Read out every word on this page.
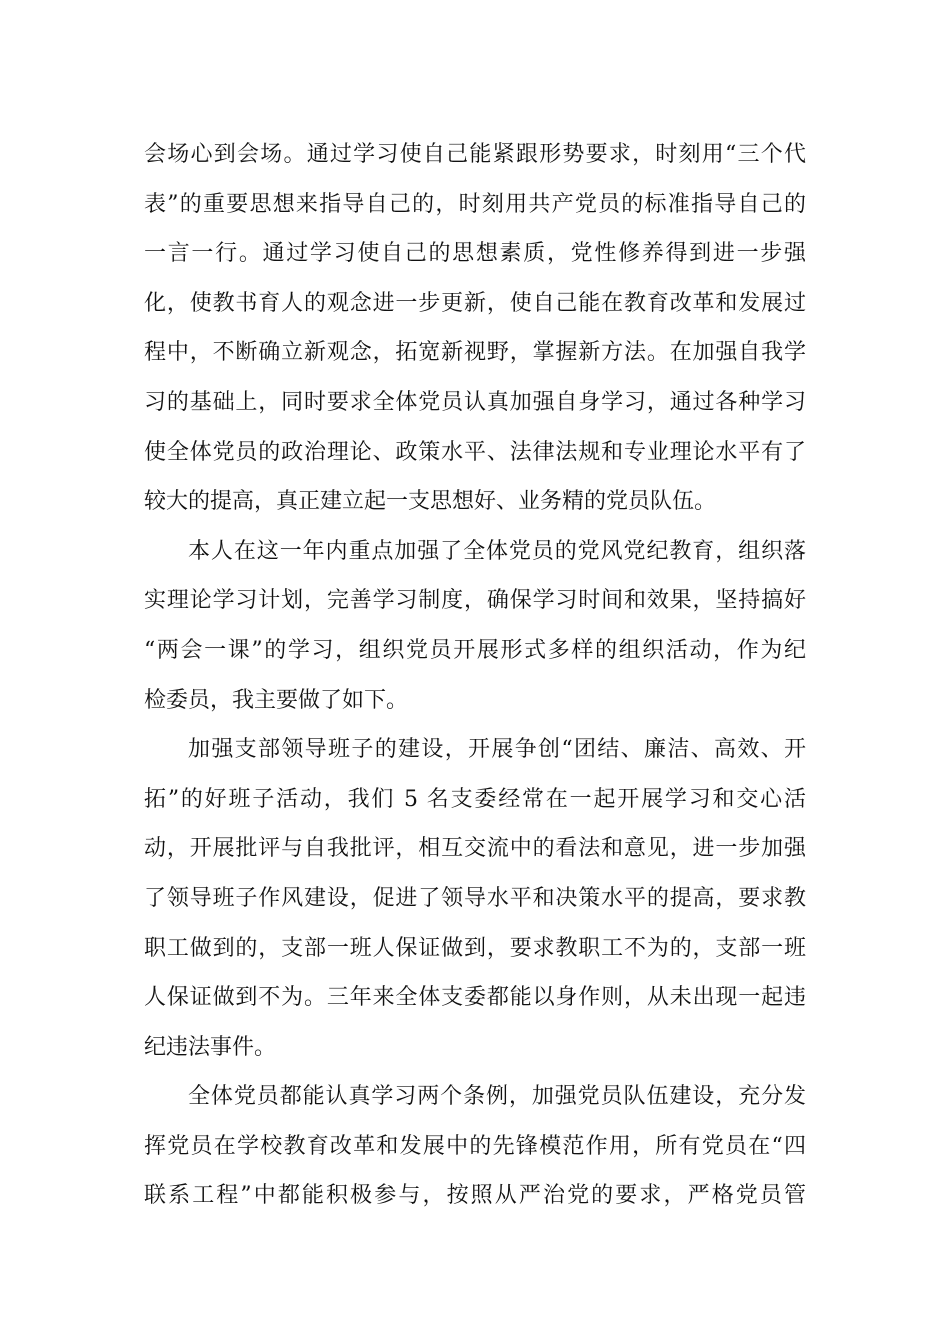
会场心到会场。通过学习使自己能紧跟形势要求，时刻用“三个代
表”的重要思想来指导自己的，时刻用共产党员的标准指导自己的
一言一行。通过学习使自己的思想素质，党性修养得到进一步强
化，使教书育人的观念进一步更新，使自己能在教育改革和发展过
程中，不断确立新观念，拓宽新视野，掌握新方法。在加强自我学
习的基础上，同时要求全体党员认真加强自身学习，通过各种学习
使全体党员的政治理论、政策水平、法律法规和专业理论水平有了
较大的提高，真正建立起一支思想好、业务精的党员队伍。
本人在这一年内重点加强了全体党员的党风党纪教育，组织落
实理论学习计划，完善学习制度，确保学习时间和效果，坚持搞好
“两会一课”的学习，组织党员开展形式多样的组织活动，作为纪
检委员，我主要做了如下。
加强支部领导班子的建设，开展争创“团结、廉洁、高效、开
拓”的好班子活动，我们 5 名支委经常在一起开展学习和交心活
动，开展批评与自我批评，相互交流中的看法和意见，进一步加强
了领导班子作风建设，促进了领导水平和决策水平的提高，要求教
职工做到的，支部一班人保证做到，要求教职工不为的，支部一班
人保证做到不为。三年来全体支委都能以身作则，从未出现一起违
纪违法事件。
全体党员都能认真学习两个条例，加强党员队伍建设，充分发
挥党员在学校教育改革和发展中的先锋模范作用，所有党员在“四
联系工程”中都能积极参与，按照从严治党的要求，严格党员管
